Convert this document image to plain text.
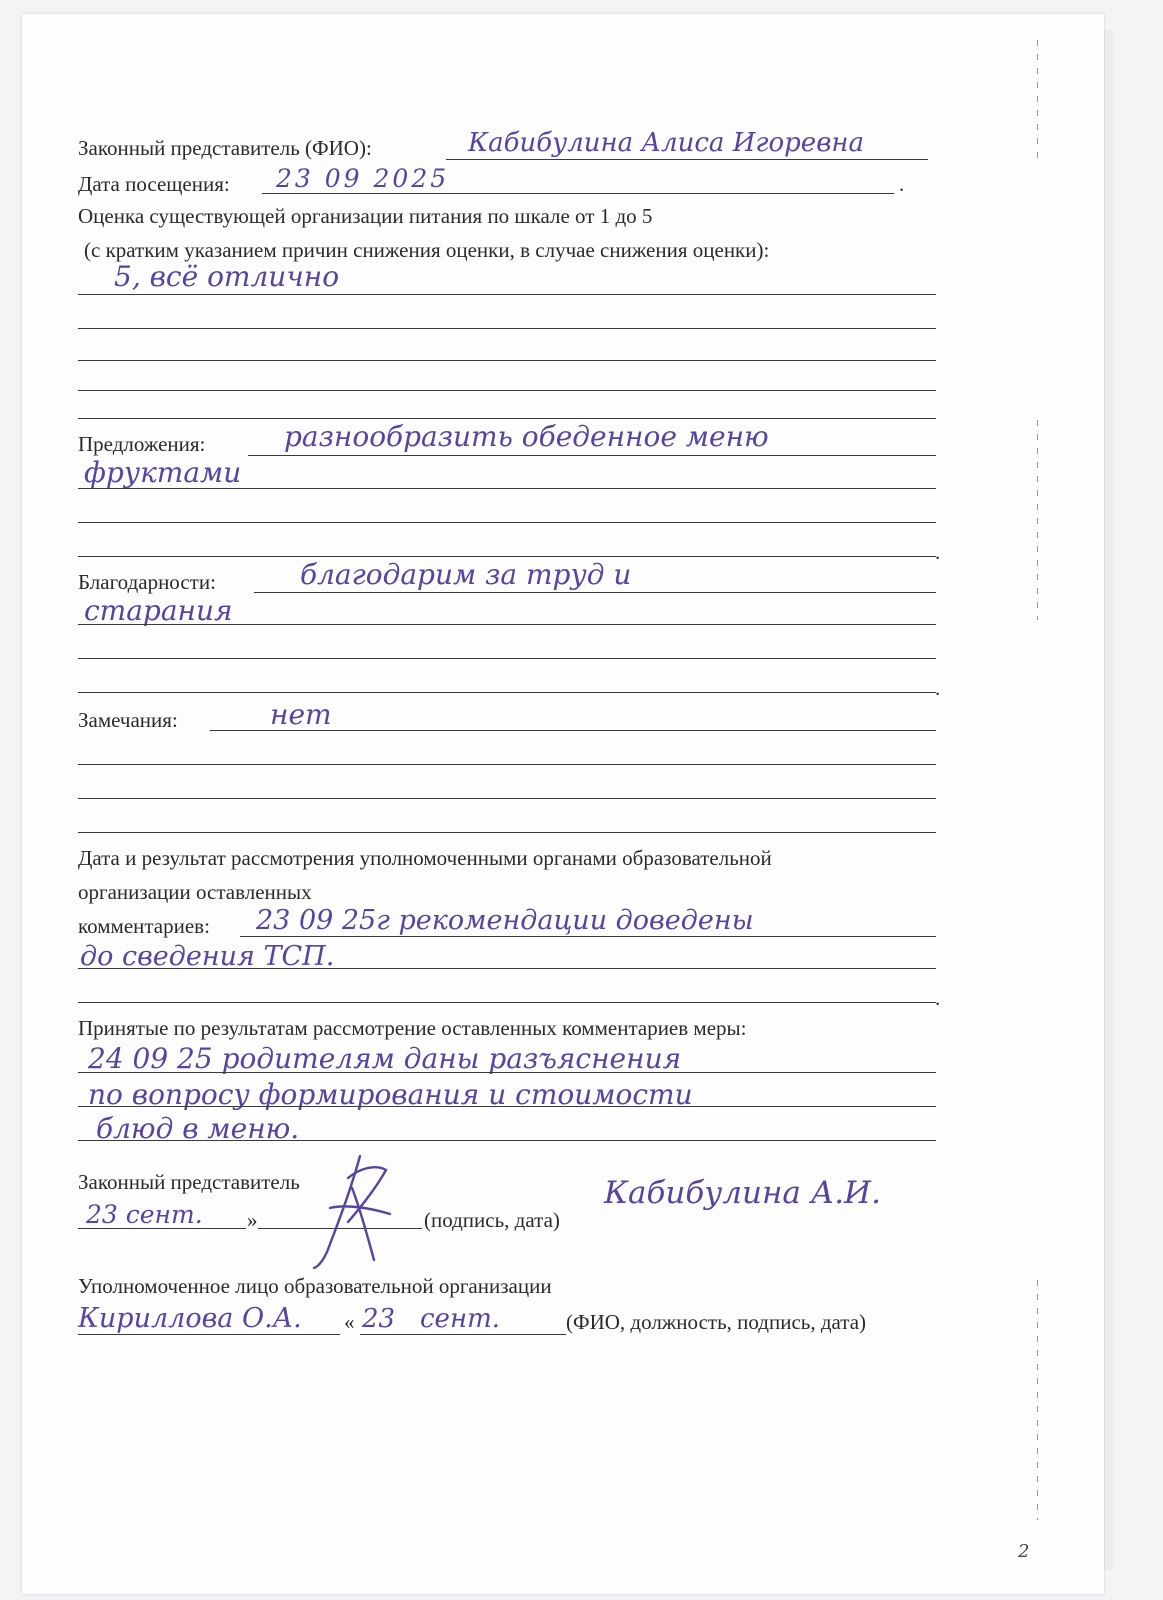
Законный представитель (ФИО):	Кабибулина Алиса Игоревна
Дата посещения: 23 09 2025	.
Оценка существующей организации питания по шкале от 1 до 5
(с кратким указанием причин снижения оценки, в случае снижения оценки):
5, всё отлично
Предложения:	разнообразить обеденное меню
фруктами
.
Благодарности:	благодарим за труд и
старания
.
Замечания:	нет
Дата и результат рассмотрения уполномоченными органами образовательной
организации оставленных
комментариев: 23 09 25г рекомендации доведены
до сведения ТСП.
.
Принятые по результатам рассмотрение оставленных комментариев меры:
24 09 25 родителям даны разъяснения
по вопросу формирования и стоимости
блюд в меню.
Законный представитель
23 сент. »	(подпись, дата)
Кабибулина А.И.
Уполномоченное лицо образовательной организации
Кириллова О.А. « 23 сент.	(ФИО, должность, подпись, дата)
2
